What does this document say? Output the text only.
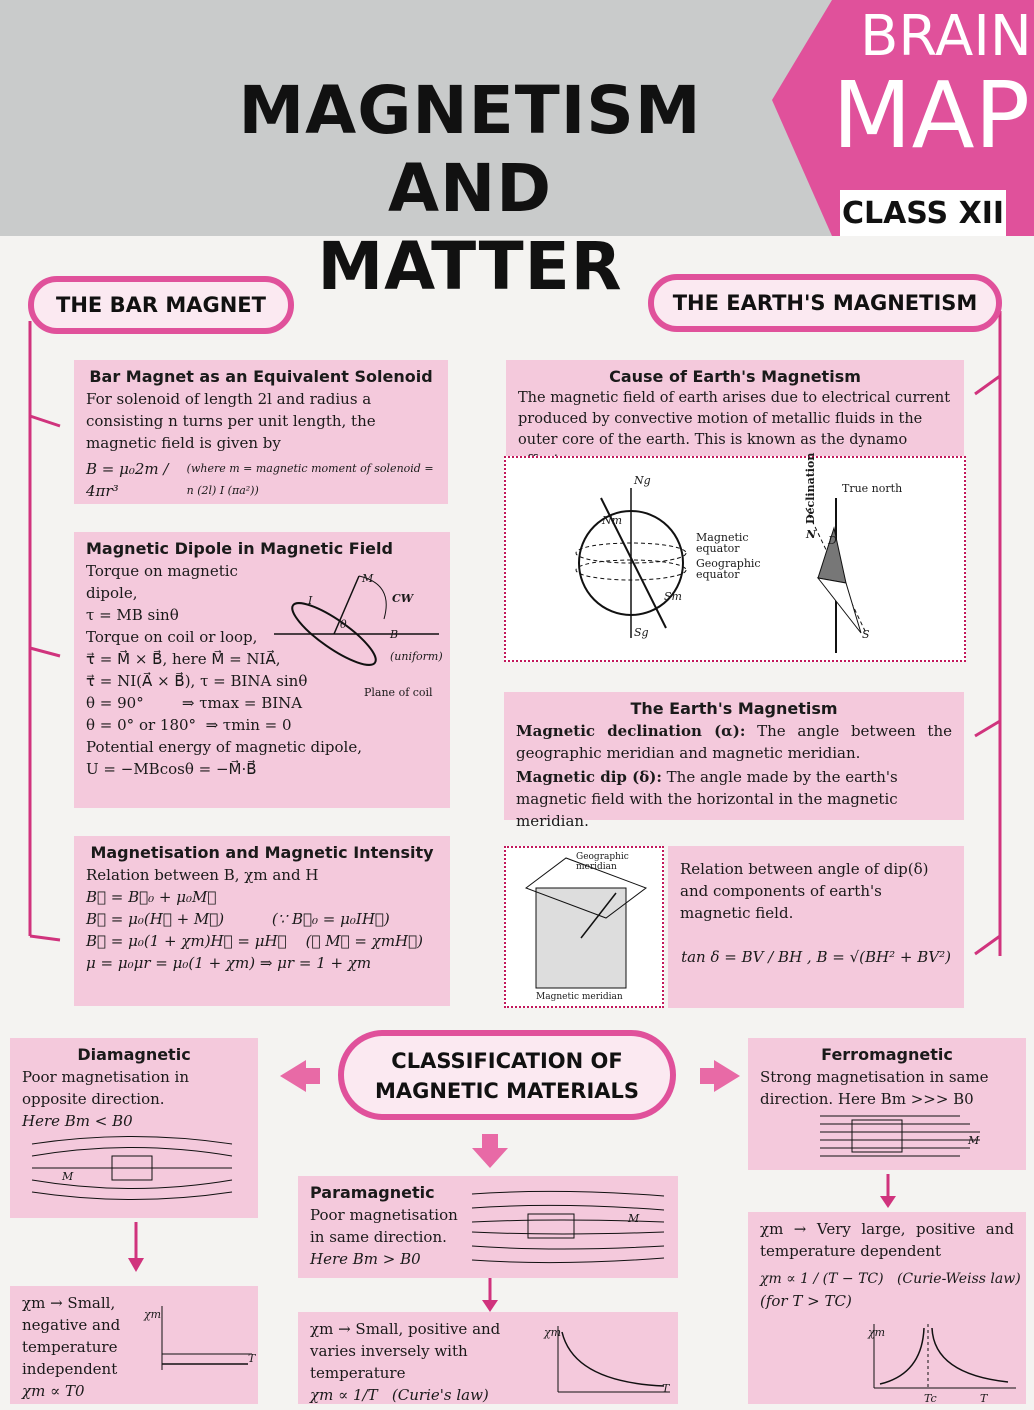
MAGNETISM AND
MATTER
BRAIN
MAP
CLASS XII
THE BAR MAGNET
Bar Magnet as an Equivalent Solenoid

For solenoid of length 2l and radius a consisting n turns per unit length, the magnetic field is given by

B = μ₀2m / 4πr³
(where m = magnetic moment of solenoid = n (2l) I (πa²))
Magnetic Dipole in Magnetic Field

Torque on magnetic dipole,

τ = MB sinθ

Torque on coil or loop,

τ⃗ = M⃗ × B⃗, here M⃗ = NIA⃗,

τ⃗ = NI(A⃗ × B⃗), τ = BINA sinθ

θ = 90°        ⇒ τmax = BINA

θ = 0° or 180°  ⇒ τmin = 0

Potential energy of magnetic dipole,

U = −MBcosθ = −M⃗·B⃗

M
CW
I
θ
B (uniform)
Plane of coil
Magnetisation and Magnetic Intensity

Relation between B, χm and H

B⃗ = B⃗₀ + μ₀M⃗

B⃗ = μ₀(H⃗ + M⃗)          (∵ B⃗₀ = μ₀IH⃗)

B⃗ = μ₀(1 + χm)H⃗ = μH⃗    (∵ M⃗ = χmH⃗)

μ = μ₀μr = μ₀(1 + χm) ⇒ μr = 1 + χm

THE EARTH'S MAGNETISM
Cause of Earth's Magnetism

The magnetic field of earth arises due to electrical current produced by convective motion of metallic fluids in the outer core of the earth. This is known as the dynamo

Ng
Nm
Sm
Sg
Magnetic equator
Geographic equator
Declination True north
N D
S
The Earth's Magnetism

Magnetic declination (α): The angle between the geographic meridian and magnetic meridian.

Magnetic dip (δ): The angle made by the earth's magnetic field with the horizontal in the magnetic meridian.

Geographic meridian
Magnetic meridian

Relation between angle of dip(δ) and components of earth's magnetic field.

tan δ = BV / BH , B = √(BH² + BV²)

CLASSIFICATION OF
MAGNETIC MATERIALS
Diamagnetic

Poor magnetisation in opposite direction.

Here Bm < B0

M

χm → Small,

negative and

temperature

independent

χm ∝ T0

χm
T
Paramagnetic

Poor magnetisation in same direction.

Here Bm > B0

M

χm → Small, positive and varies inversely with temperature

χm ∝ 1/T   (Curie's law)

χm
T
Ferromagnetic

Strong magnetisation in same direction. Here Bm >>> B0

M

χm → Very large, positive and temperature dependent

χm ∝ 1 / (T − TC)   (Curie-Weiss law)

(for T > TC)

χm
Tc	T
